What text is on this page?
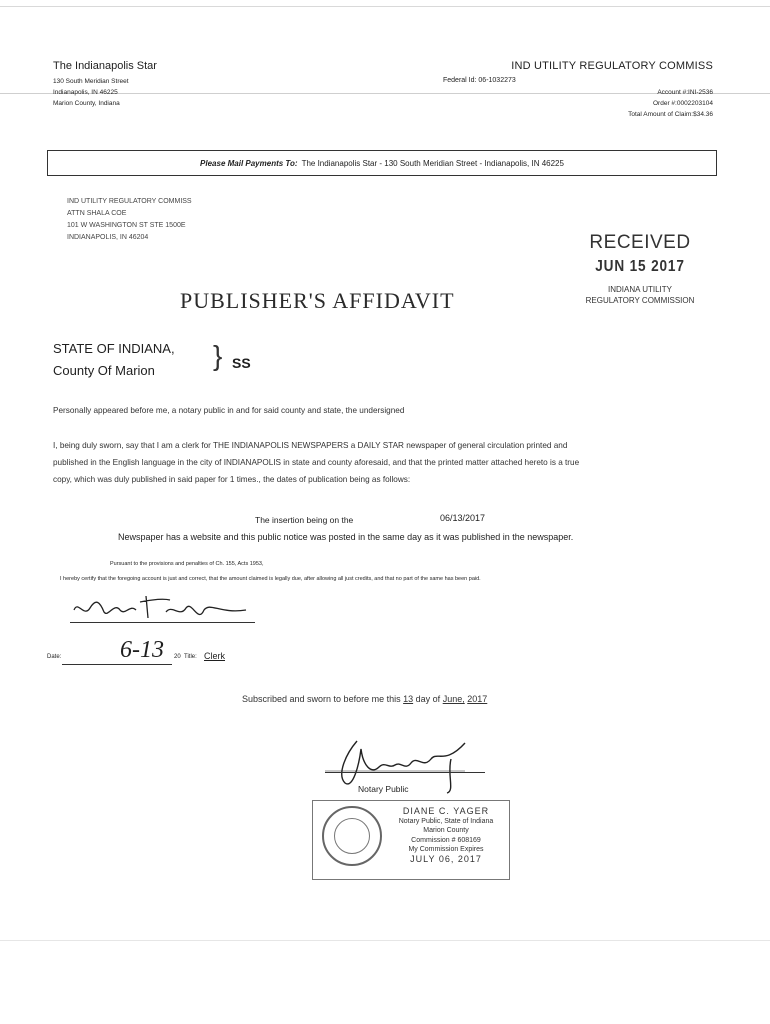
The Indianapolis Star
130 South Meridian Street
Indianapolis, IN 46225
Marion County, Indiana
Federal Id: 06-1032273
IND UTILITY REGULATORY COMMISS
Account #:INI-2536
Order #:0002203104
Total Amount of Claim:$34.36
Please Mail Payments To: The Indianapolis Star - 130 South Meridian Street - Indianapolis, IN 46225
IND UTILITY REGULATORY COMMISS
ATTN SHALA COE
101 W WASHINGTON ST STE 1500E
INDIANAPOLIS, IN 46204	RECEIVED
JUN 15 2017
INDIANA UTILITY
REGULATORY COMMISSION
PUBLISHER'S AFFIDAVIT
STATE OF INDIANA,
County Of Marion	} SS
Personally appeared before me, a notary public in and for said county and state, the undersigned
I, being duly sworn, say that I am a clerk for THE INDIANAPOLIS NEWSPAPERS a DAILY STAR newspaper of general circulation printed and published in the English language in the city of INDIANAPOLIS in state and county aforesaid, and that the printed matter attached hereto is a true copy, which was duly published in said paper for 1 times., the dates of publication being as follows:
The insertion being on the	06/13/2017
Newspaper has a website and this public notice was posted in the same day as it was published in the newspaper.
Pursuant to the provisions and penalties of Ch. 155, Acts 1953,
I hereby certify that the foregoing account is just and correct, that the amount claimed is legally due, after allowing all just credits, and that no part of the same has been paid.
Date: 6-13 20 Title: Clerk
Subscribed and sworn to before me this 13 day of June, 2017
Notary Public
DIANE C. YAGER
Notary Public, State of Indiana
Marion County
Commission # 608169
My Commission Expires
JULY 06, 2017
